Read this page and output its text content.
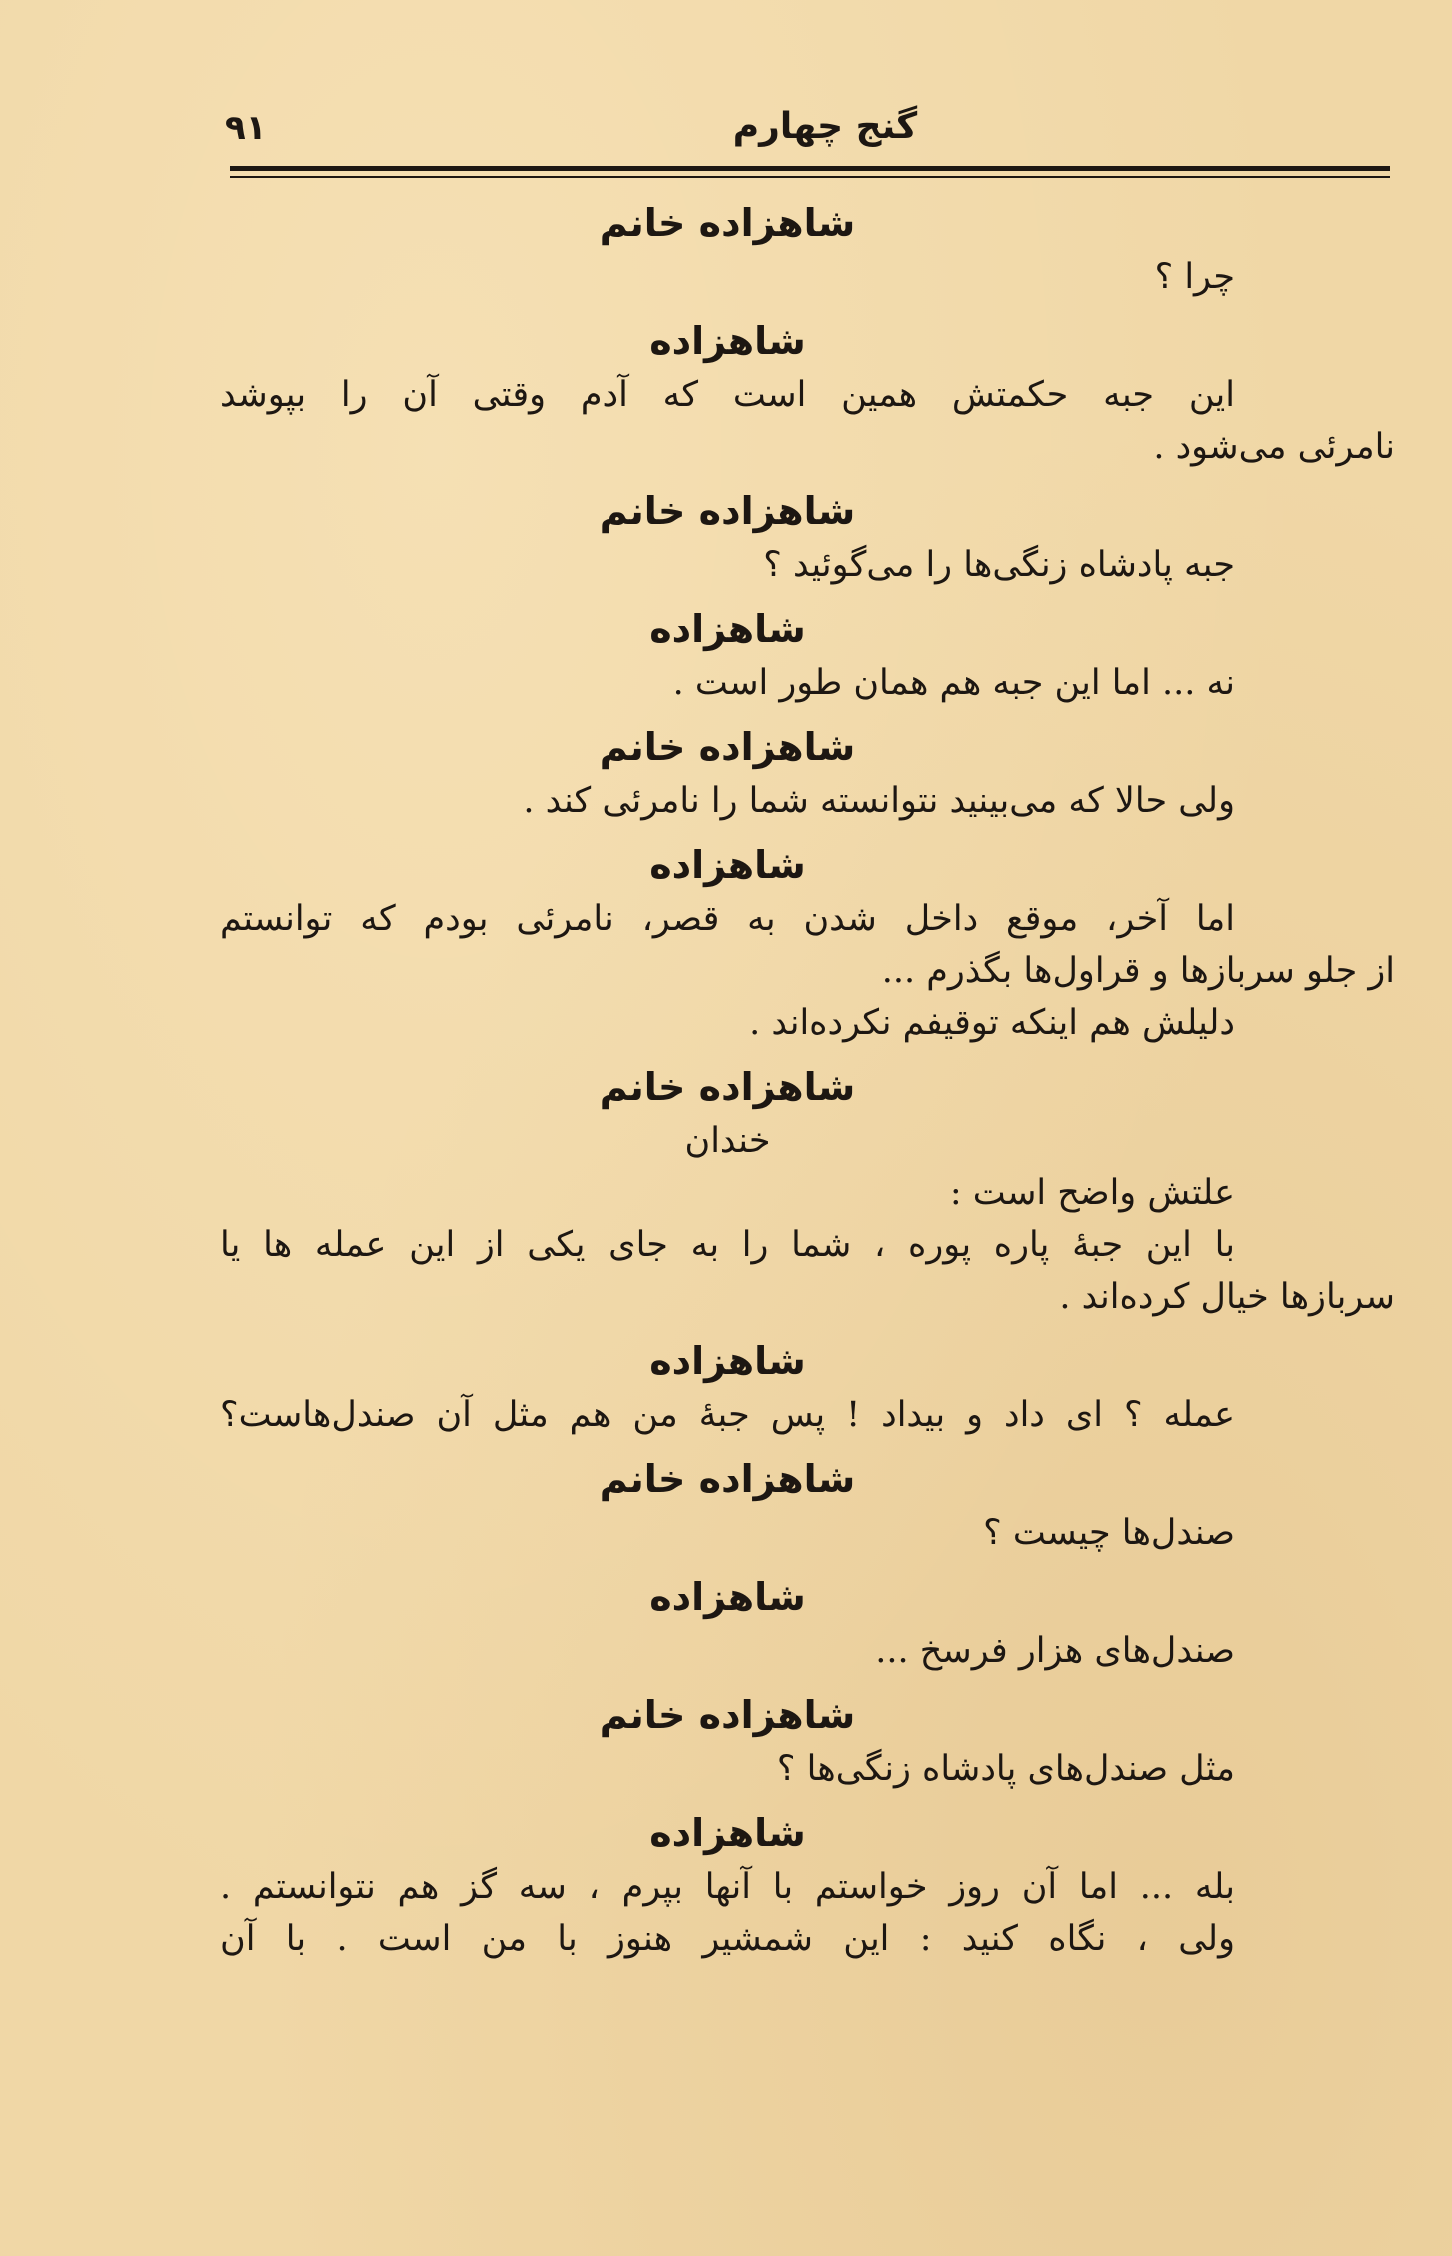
۹۱	گنج چهارم
شاهزاده خانم
چرا ؟
شاهزاده
این جبه حکمتش همین است که آدم وقتی آن را بپوشد
نامرئی می‌شود .
شاهزاده خانم
جبه پادشاه زنگی‌ها را می‌گوئید ؟
شاهزاده
نه ... اما این جبه هم همان طور است .
شاهزاده خانم
ولی حالا که می‌بینید نتوانسته شما را نامرئی کند .
شاهزاده
اما آخر، موقع داخل شدن به قصر، نامرئی بودم که توانستم
از جلو سربازها و قراول‌ها بگذرم ...
دلیلش هم اینکه توقیفم نکرده‌اند .
شاهزاده خانم
خندان
علتش واضح است :
با این جبهٔ پاره پوره ، شما را به جای یکی از این عمله ها یا
سربازها خیال کرده‌اند .
شاهزاده
عمله ؟ ای داد و بیداد ! پس جبهٔ من هم مثل آن صندل‌هاست؟
شاهزاده خانم
صندل‌ها چیست ؟
شاهزاده
صندل‌های هزار فرسخ ...
شاهزاده خانم
مثل صندل‌های پادشاه زنگی‌ها ؟
شاهزاده
بله ... اما آن روز خواستم با آنها بپرم ، سه گز هم نتوانستم .
ولی ، نگاه کنید : این شمشیر هنوز با من است . با آن
